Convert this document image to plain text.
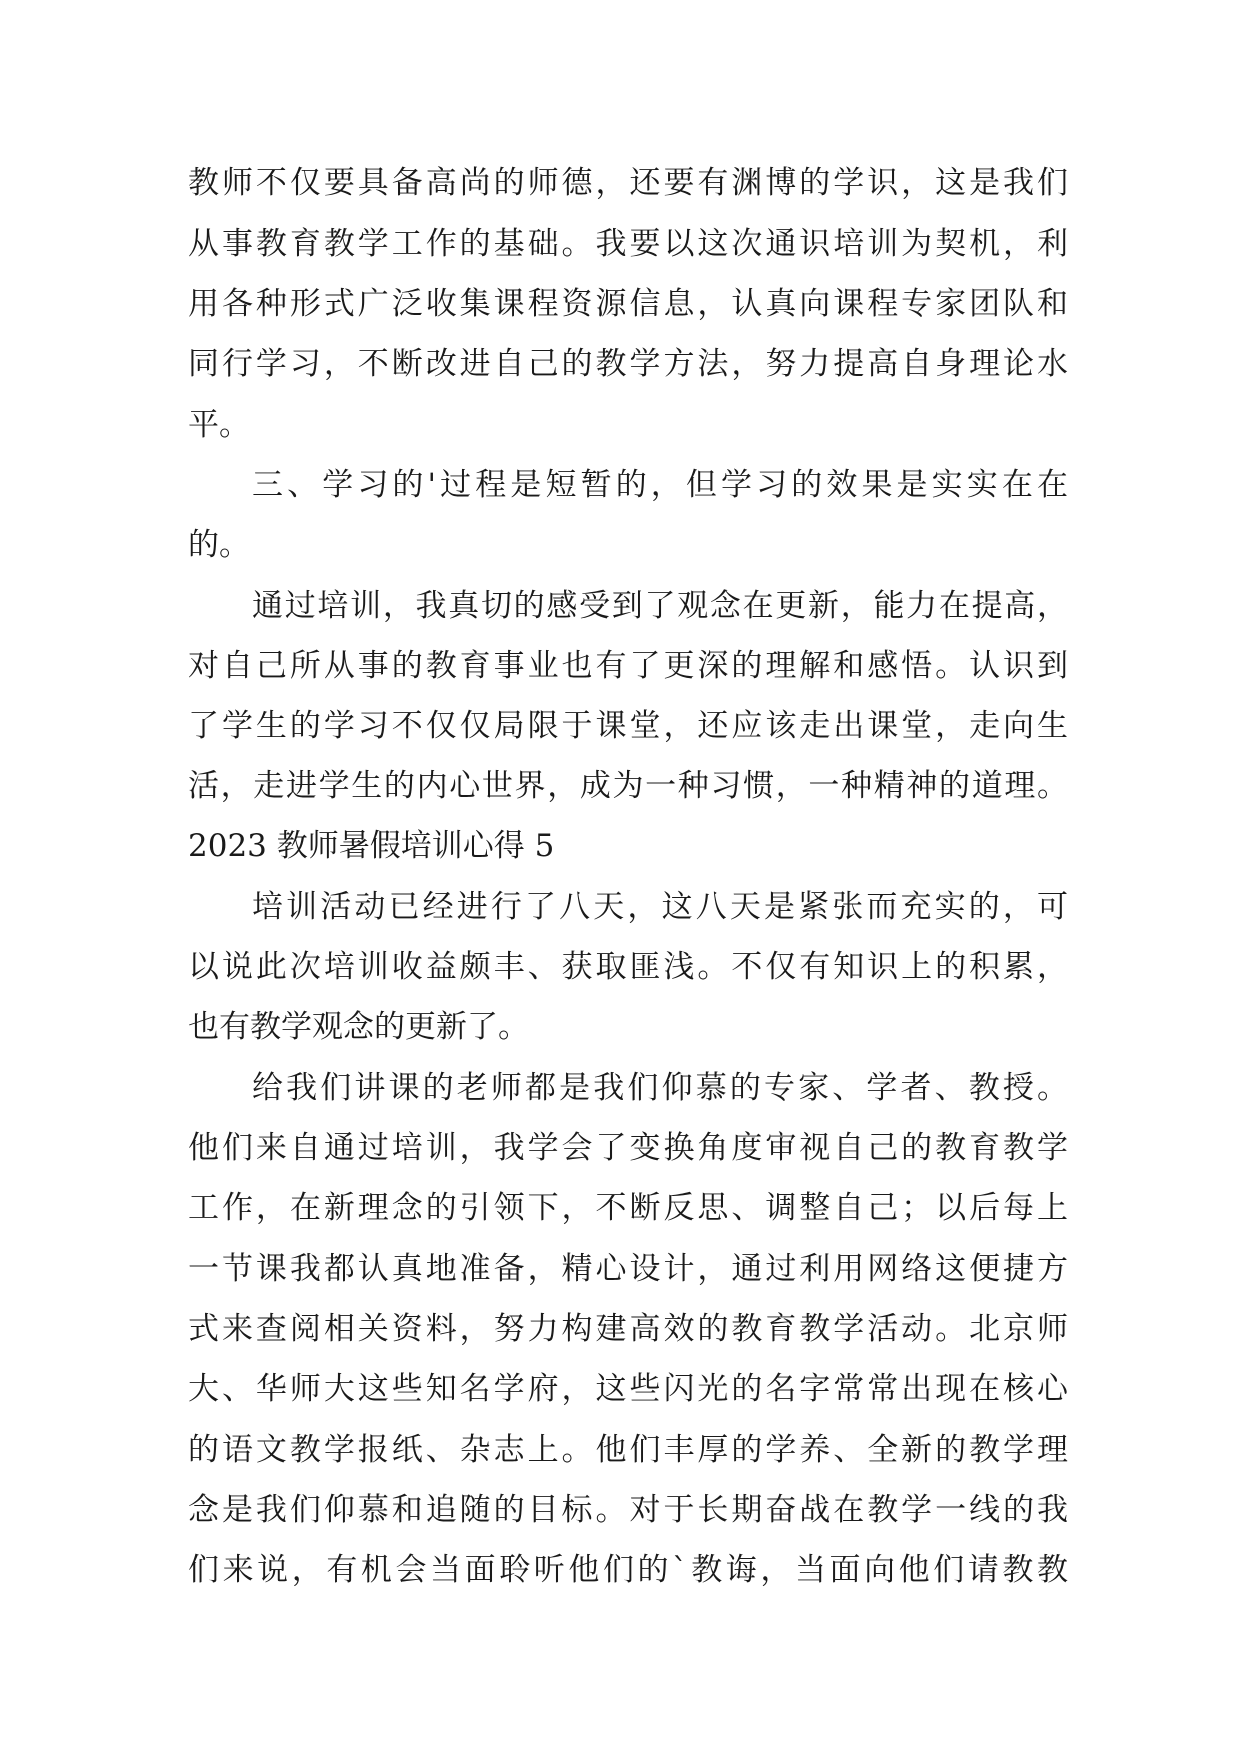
教师不仅要具备高尚的师德，还要有渊博的学识，这是我们

从事教育教学工作的基础。我要以这次通识培训为契机，利

用各种形式广泛收集课程资源信息，认真向课程专家团队和

同行学习，不断改进自己的教学方法，努力提高自身理论水

平。

三、学习的'过程是短暂的，但学习的效果是实实在在

的。

通过培训，我真切的感受到了观念在更新，能力在提高，

对自己所从事的教育事业也有了更深的理解和感悟。认识到

了学生的学习不仅仅局限于课堂，还应该走出课堂，走向生

活，走进学生的内心世界，成为一种习惯，一种精神的道理。

2023 教师暑假培训心得 5

培训活动已经进行了八天，这八天是紧张而充实的，可

以说此次培训收益颇丰、获取匪浅。不仅有知识上的积累，

也有教学观念的更新了。

给我们讲课的老师都是我们仰慕的专家、学者、教授。

他们来自通过培训，我学会了变换角度审视自己的教育教学

工作，在新理念的引领下，不断反思、调整自己；以后每上

一节课我都认真地准备，精心设计，通过利用网络这便捷方

式来查阅相关资料，努力构建高效的教育教学活动。北京师

大、华师大这些知名学府，这些闪光的名字常常出现在核心

的语文教学报纸、杂志上。他们丰厚的学养、全新的教学理

念是我们仰慕和追随的目标。对于长期奋战在教学一线的我

们来说，有机会当面聆听他们的`教诲，当面向他们请教教
